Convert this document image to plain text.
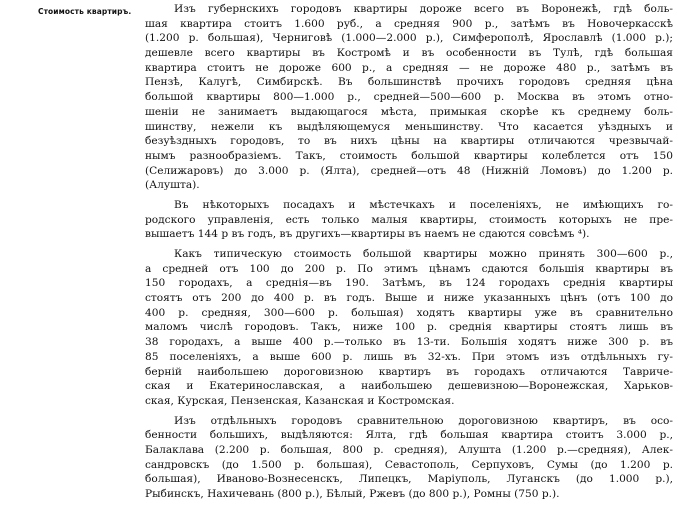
Стоимость квартиръ.	Изъ губернскихъ городовъ квартиры дороже всего въ Воронежѣ, гдѣ боль-
шая квартира стоитъ 1.600 руб., а средняя 900 р., затѣмъ въ Новочеркасскѣ
(1.200 р. большая), Черниговѣ (1.000—2.000 р.), Симферополѣ, Ярославлѣ (1.000 р.);
дешевле всего квартиры въ Костромѣ и въ особенности въ Тулѣ, гдѣ большая
квартира стоитъ не дороже 600 р., а средняя — не дороже 480 р., затѣмъ въ
Пензѣ, Калугѣ, Симбирскѣ. Въ большинствѣ прочихъ городовъ средняя цѣна
большой квартиры 800—1.000 р., средней—500—600 р. Москва въ этомъ отно-
шеніи не занимаетъ выдающагося мѣста, примыкая скорѣе къ среднему боль-
шинству, нежели къ выдѣляющемуся меньшинству. Что касается уѣздныхъ и
безуѣздныхъ городовъ, то въ нихъ цѣны на квартиры отличаются чрезвычай-
нымъ разнообразіемъ. Такъ, стоимость большой квартиры колеблется отъ 150
(Селижаровъ) до 3.000 р. (Ялта), средней—отъ 48 (Нижній Ломовъ) до 1.200 р.
(Алушта).
Въ нѣкоторыхъ посадахъ и мѣстечкахъ и поселеніяхъ, не имѣющихъ го-
родского управленія, есть только малыя квартиры, стоимость которыхъ не пре-
вышаетъ 144 р въ годъ, въ другихъ—квартиры въ наемъ не сдаются совсѣмъ ⁴).
Какъ типическую стоимость большой квартиры можно принять 300—600 р.,
а средней отъ 100 до 200 р. По этимъ цѣнамъ сдаются большія квартиры въ
150 городахъ, а среднія—въ 190. Затѣмъ, въ 124 городахъ среднія квартиры
стоятъ отъ 200 до 400 р. въ годъ. Выше и ниже указанныхъ цѣнъ (отъ 100 до
400 р. средняя, 300—600 р. большая) ходятъ квартиры уже въ сравнительно
маломъ числѣ городовъ. Такъ, ниже 100 р. среднія квартиры стоятъ лишь въ
38 городахъ, а выше 400 р.—только въ 13-ти. Большія ходятъ ниже 300 р. въ
85 поселеніяхъ, а выше 600 р. лишь въ 32-хъ. При этомъ изъ отдѣльныхъ гу-
берній наибольшею дороговизною квартиръ въ городахъ отличаются Тавриче-
ская и Екатеринославская, а наибольшею дешевизною—Воронежская, Харьков-
ская, Курская, Пензенская, Казанская и Костромская.
Изъ отдѣльныхъ городовъ сравнительною дороговизною квартиръ, въ осо-
бенности большихъ, выдѣляются: Ялта, гдѣ большая квартира стоитъ 3.000 р.,
Балаклава (2.200 р. большая, 800 р. средняя), Алушта (1.200 р.—средняя), Алек-
сандровскъ (до 1.500 р. большая), Севастополь, Серпуховъ, Сумы (до 1.200 р.
большая), Иваново-Вознесенскъ, Липецкъ, Маріуполь, Луганскъ (до 1.000 р.),
Рыбинскъ, Нахичевань (800 р.), Бѣлый, Ржевъ (до 800 р.), Ромны (750 р.).
